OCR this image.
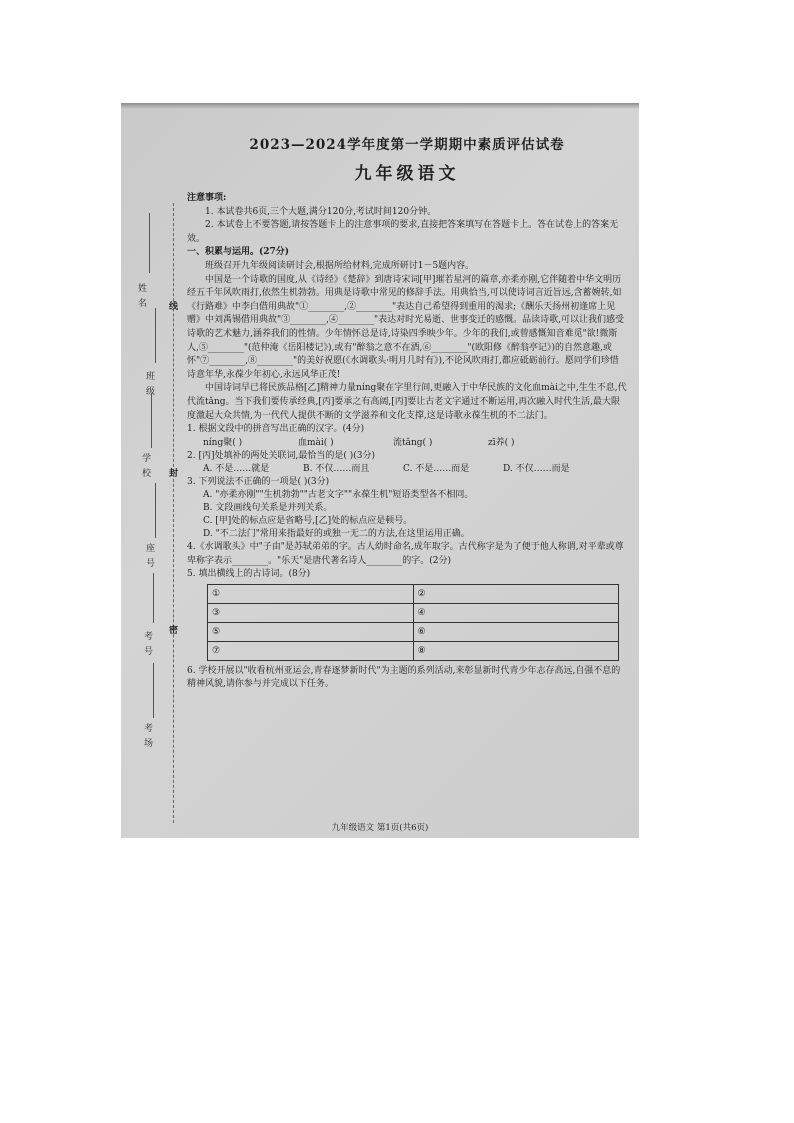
姓名
班级
学校
座号
考号
考场
线
封
密

2023—2024学年度第一学期期中素质评估试卷

九年级语文

注意事项:

1. 本试卷共6页,三个大题,满分120分,考试时间120分钟。

2. 本试卷上不要答题,请按答题卡上的注意事项的要求,直接把答案填写在答题卡上。答在试卷上的答案无效。

一、积累与运用。(27分)

班级召开九年级阅读研讨会,根据所给材料,完成所研讨1－5题内容。

中国是一个诗歌的国度,从《诗经》《楚辞》到唐诗宋词[甲]璀若星河的篇章,亦柔亦刚,它伴随着中华文明历经五千年风吹雨打,依然生机勃勃。用典是诗歌中常见的修辞手法。用典恰当,可以使诗词言近旨远,含蓄婉转,如《行路难》中李白借用典故"①________,②________"表达自己希望得到重用的渴求;《酬乐天扬州初逢席上见赠》中刘禹锡借用典故"③________,④________"表达对时光易逝、世事变迁的感慨。品读诗歌,可以让我们感受诗歌的艺术魅力,涵养我们的性情。少年情怀总是诗,诗染四季映少年。少年的我们,或曾感慨知音难觅"欲!微斯人,⑤________"(范仲淹《岳阳楼记》),或有"醉翁之意不在酒,⑥________"(欧阳修《醉翁亭记》)的自然意趣,或怀"⑦________,⑧________"的美好祝愿(《水调歌头·明月几时有》),不论风吹雨打,都应砥砺前行。愿同学们珍惜诗意年华,永葆少年初心,永远风华正茂!

中国诗词早已将民族品格[乙]精神力量níng聚在字里行间,更融入于中华民族的文化血mài之中,生生不息,代代流tǎng。当下我们要传承经典,[丙]要承之有高阔,[丙]要让古老文字通过不断运用,再次融入时代生活,最大限度激起大众共情,为一代代人提供不断的文学滋养和文化支撑,这是诗歌永葆生机的不二法门。

1. 根据文段中的拼音写出正确的汉字。(4分)

níng聚( )	血mài( )	流tǎng( )	zī养( )

2. [丙]处填补的两处关联词,最恰当的是( )(3分)

A. 不是……就是	B. 不仅……而且	C. 不是……而是	D. 不仅……而是

3. 下列说法不正确的一项是( )(3分)

A. "亦柔亦刚""生机勃勃""古老文字""永葆生机"短语类型各不相同。

B. 文段画线句关系是并列关系。

C. [甲]处的标点应是省略号,[乙]处的标点应是顿号。

D. "不二法门"常用来指最好的或独一无二的方法,在这里运用正确。

4.《水调歌头》中"子由"是苏轼弟弟的字。古人幼时命名,成年取字。古代称字是为了便于他人称谓,对平辈或尊卑称字表示________。"乐天"是唐代著名诗人________的字。(2分)

5. 填出横线上的古诗词。(8分)

①	②
③	④
⑤	⑥
⑦	⑧

6. 学校开展以"收看杭州亚运会,青春逐梦新时代"为主题的系列活动,来彰显新时代青少年志存高远,自强不息的精神风貌,请你参与并完成以下任务。

九年级语文 第1页(共6页)
